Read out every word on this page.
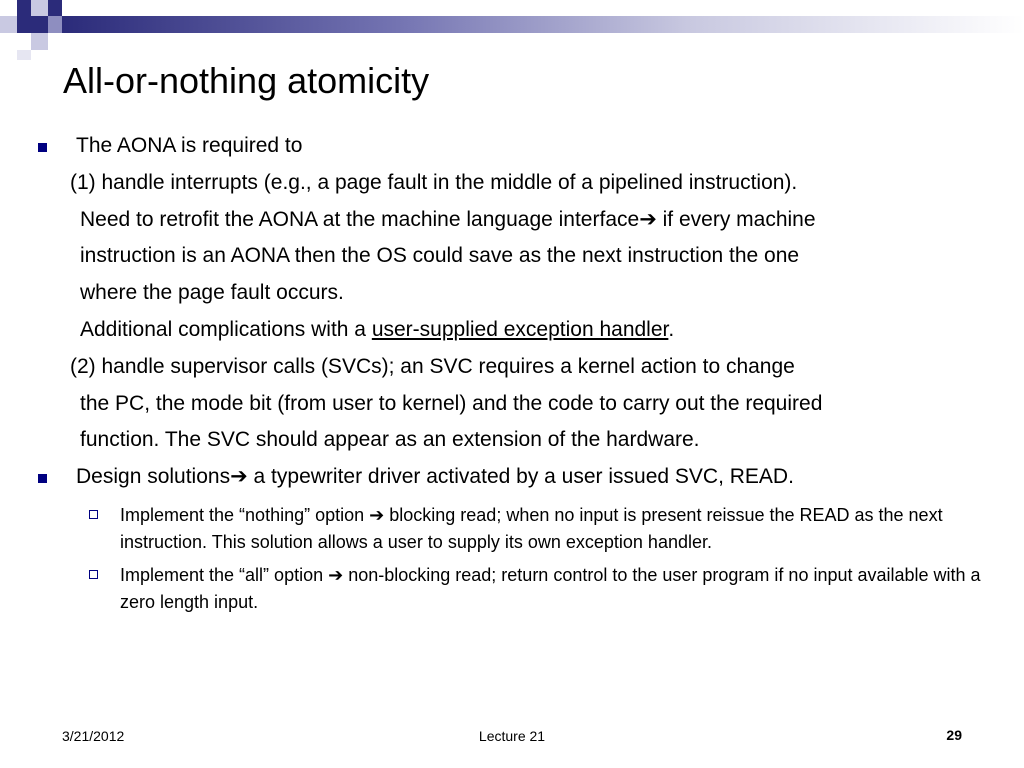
All-or-nothing atomicity
The AONA is required to
(1) handle interrupts (e.g., a page fault in the middle of a pipelined instruction).
Need to retrofit the AONA at the machine language interface➔ if every machine
instruction is an AONA then the OS could save as the next instruction the one
where the page fault occurs.
Additional complications with a user-supplied exception handler.
(2) handle supervisor calls (SVCs); an SVC requires a kernel action to change
the PC, the mode bit (from user to kernel) and the code to carry out the required
function. The SVC should appear as an extension of the hardware.
Design solutions➔ a typewriter driver activated by a user issued SVC, READ.
Implement the “nothing” option ➔ blocking read; when no input is present reissue the READ as the next instruction. This solution allows a user to supply its own exception handler.
Implement the “all” option ➔ non-blocking read; return control to the user program if no input available with a zero length input.
3/21/2012	Lecture 21	29
